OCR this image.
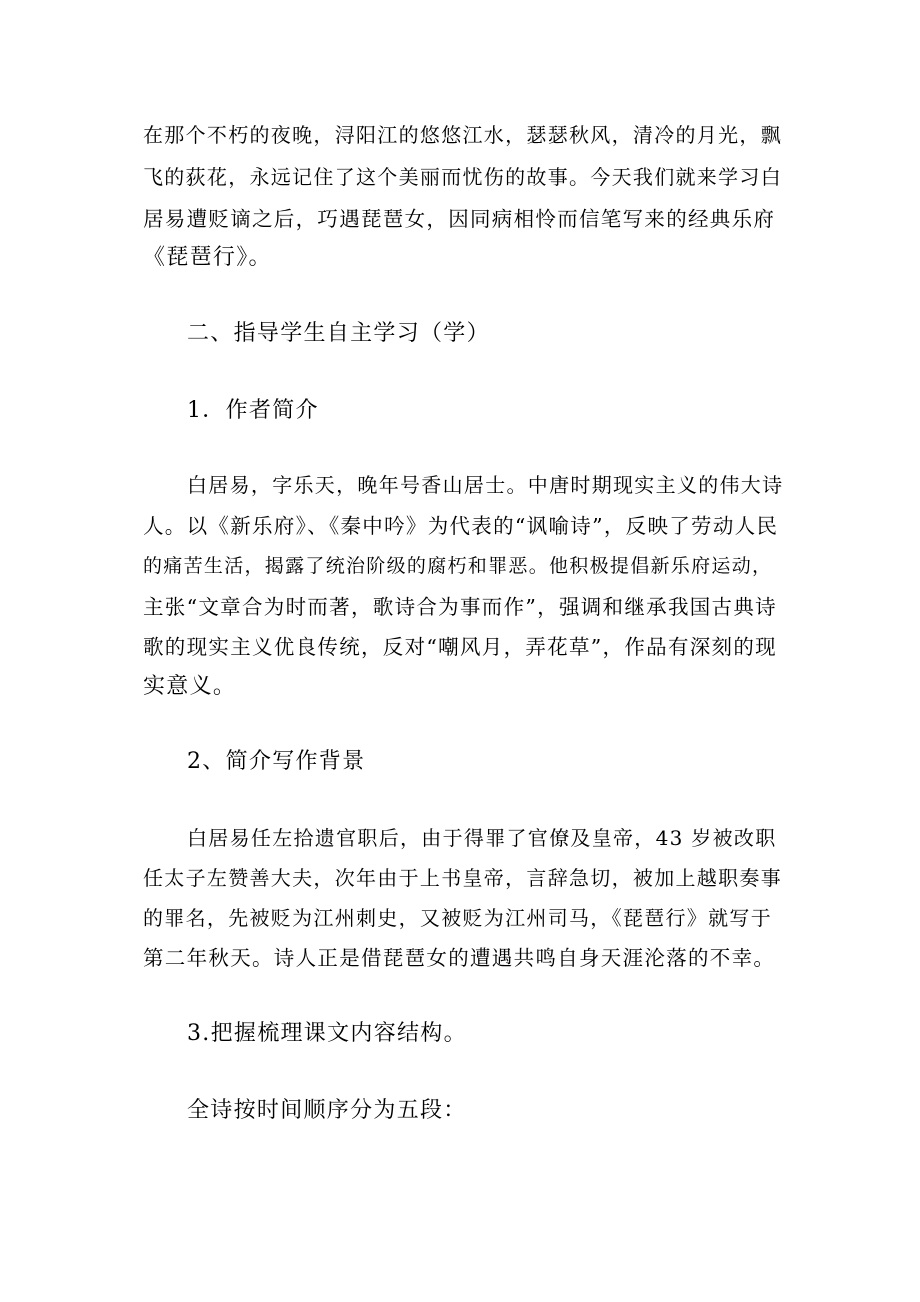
在那个不朽的夜晚，浔阳江的悠悠江水，瑟瑟秋风，清冷的月光，飘
飞的荻花，永远记住了这个美丽而忧伤的故事。今天我们就来学习白
居易遭贬谪之后，巧遇琵琶女，因同病相怜而信笔写来的经典乐府
《琵琶行》。
二、指导学生自主学习（学）
1．作者简介
白居易，字乐天，晚年号香山居士。中唐时期现实主义的伟大诗
人。以《新乐府》、《秦中吟》为代表的“讽喻诗”，反映了劳动人民
的痛苦生活，揭露了统治阶级的腐朽和罪恶。他积极提倡新乐府运动，
主张“文章合为时而著，歌诗合为事而作”，强调和继承我国古典诗
歌的现实主义优良传统，反对“嘲风月，弄花草”，作品有深刻的现
实意义。
2、简介写作背景
白居易任左拾遗官职后，由于得罪了官僚及皇帝，43 岁被改职
任太子左赞善大夫，次年由于上书皇帝，言辞急切，被加上越职奏事
的罪名，先被贬为江州刺史，又被贬为江州司马，《琵琶行》就写于
第二年秋天。诗人正是借琵琶女的遭遇共鸣自身天涯沦落的不幸。
3.把握梳理课文内容结构。
全诗按时间顺序分为五段：
